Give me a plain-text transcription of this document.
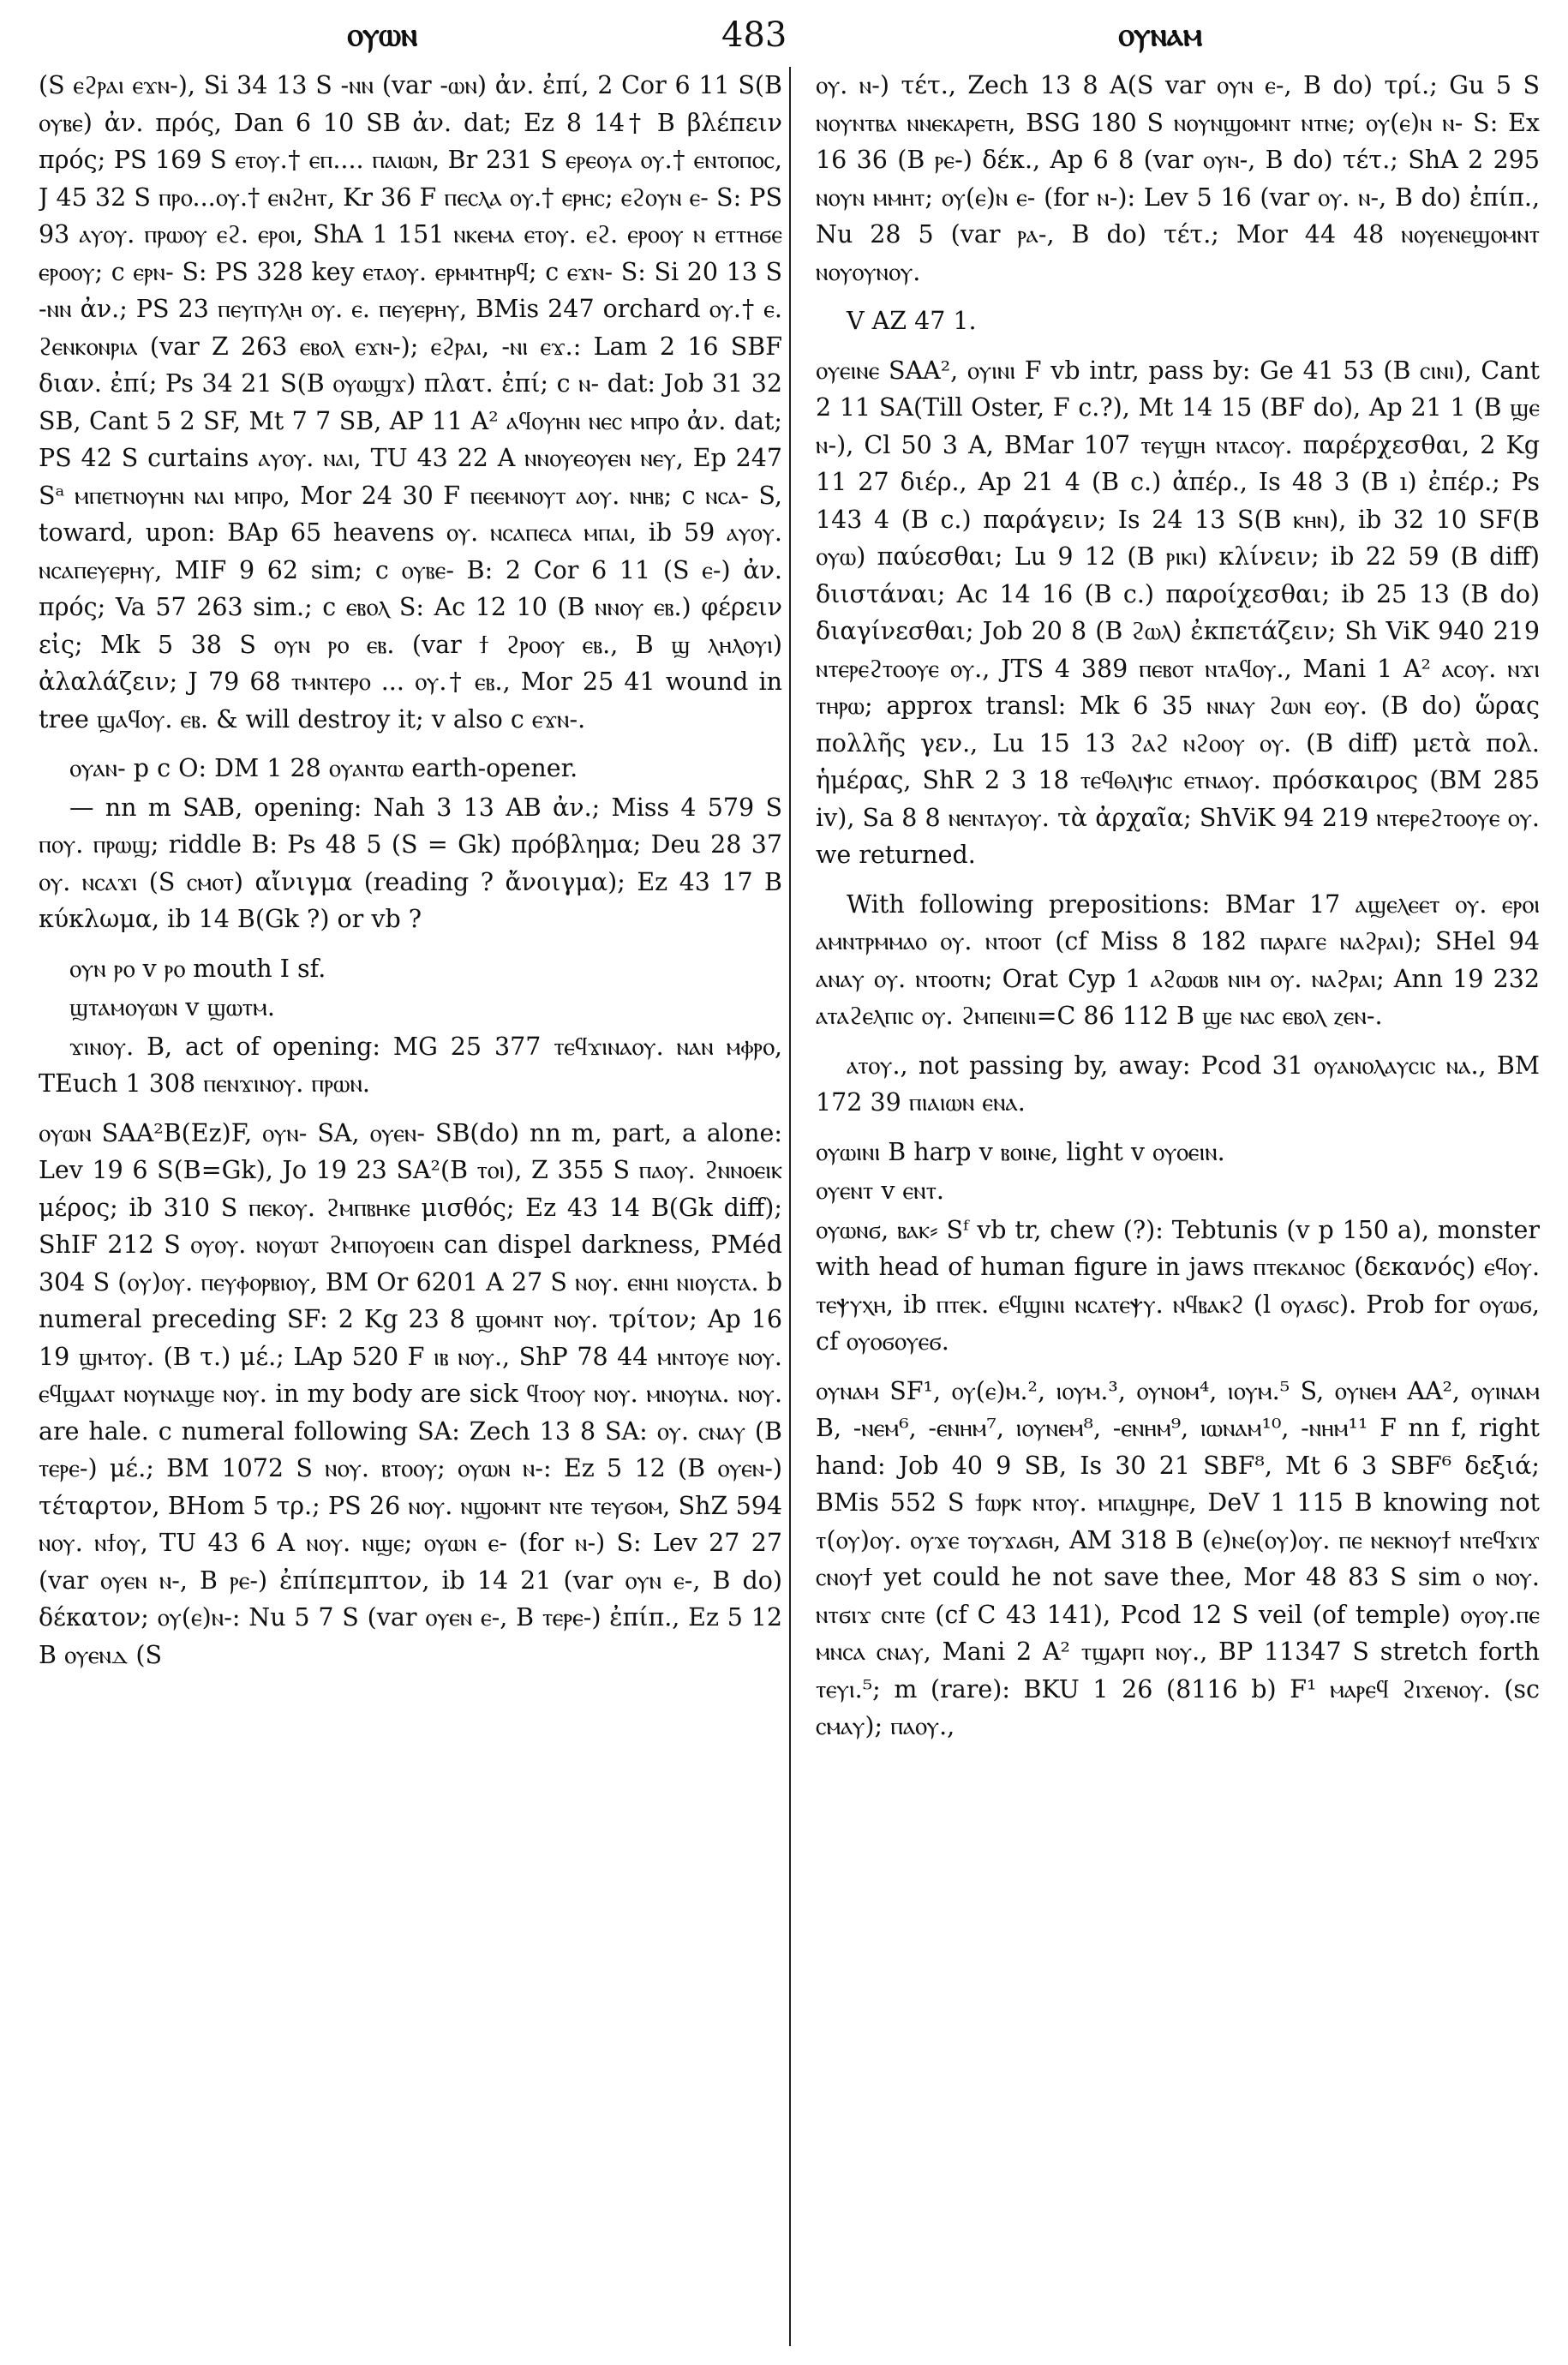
ⲟⲩⲱⲛ	483	ⲟⲩⲛⲁⲙ

(S ⲉϩⲣⲁⲓ ⲉϫⲛ-), Si 34 13 S -ⲛⲛ (var -ⲱⲛ) ἀν. ἐπί, 2 Cor 6 11 S(B ⲟⲩⲃⲉ) ἀν. πρός, Dan 6 10 SB ἀν. dat; Ez 8 14† B βλέπειν πρός; PS 169 S ⲉⲧⲟⲩ.† ⲉⲡ.... ⲡⲁⲓⲱⲛ, Br 231 S ⲉⲣⲉⲟⲩⲁ ⲟⲩ.† ⲉⲛⲧⲟⲡⲟⲥ, J 45 32 S ⲡⲣⲟ...ⲟⲩ.† ⲉⲛϩⲏⲧ, Kr 36 F ⲡⲉⲥⲗⲁ ⲟⲩ.† ⲉⲣⲏⲥ; ⲉϩⲟⲩⲛ ⲉ- S: PS 93 ⲁⲩⲟⲩ. ⲡⲣⲱⲟⲩ ⲉϩ. ⲉⲣⲟⲓ, ShA 1 151 ⲛⲕⲉⲙⲁ ⲉⲧⲟⲩ. ⲉϩ. ⲉⲣⲟⲟⲩ ⲛ ⲉⲧⲧⲏϭⲉ ⲉⲣⲟⲟⲩ; c ⲉⲣⲛ- S: PS 328 key ⲉⲧⲁⲟⲩ. ⲉⲣⲙⲙⲧⲏⲣϥ; c ⲉϫⲛ- S: Si 20 13 S -ⲛⲛ ἀν.; PS 23 ⲡⲉⲩⲡⲩⲗⲏ ⲟⲩ. ⲉ. ⲡⲉⲩⲉⲣⲏⲩ, BMis 247 orchard ⲟⲩ.† ⲉ. ϩⲉⲛⲕⲟⲛⲣⲓⲁ (var Z 263 ⲉⲃⲟⲗ ⲉϫⲛ-); ⲉϩⲣⲁⲓ, -ⲛⲓ ⲉϫ.: Lam 2 16 SBF διαν. ἐπί; Ps 34 21 S(B ⲟⲩⲱϣϫ) πλατ. ἐπί; c ⲛ- dat: Job 31 32 SB, Cant 5 2 SF, Mt 7 7 SB, AP 11 A² ⲁϥⲟⲩⲏⲛ ⲛⲉⲥ ⲙⲡⲣⲟ ἀν. dat; PS 42 S curtains ⲁⲩⲟⲩ. ⲛⲁⲓ, TU 43 22 A ⲛⲛⲟⲩⲉⲟⲩⲉⲛ ⲛⲉⲩ, Ep 247 Sᵃ ⲙⲡⲉⲧⲛⲟⲩⲏⲛ ⲛⲁⲓ ⲙⲡⲣⲟ, Mor 24 30 F ⲡⲉⲉⲙⲛⲟⲩⲧ ⲁⲟⲩ. ⲛⲏⲃ; c ⲛⲥⲁ- S, toward, upon: BAp 65 heavens ⲟⲩ. ⲛⲥⲁⲡⲉⲥⲁ ⲙⲡⲁⲓ, ib 59 ⲁⲩⲟⲩ. ⲛⲥⲁⲡⲉⲩⲉⲣⲏⲩ, MIF 9 62 sim; c ⲟⲩⲃⲉ- B: 2 Cor 6 11 (S ⲉ-) ἀν. πρός; Va 57 263 sim.; c ⲉⲃⲟⲗ S: Ac 12 10 (B ⲛⲛⲟⲩ ⲉⲃ.) φέρειν εἰς; Mk 5 38 S ⲟⲩⲛ ⲣⲟ ⲉⲃ. (var ϯ ϩⲣⲟⲟⲩ ⲉⲃ., B ϣ ⲗⲏⲗⲟⲩⲓ) ἀλαλάζειν; J 79 68 ⲧⲙⲛⲧⲉⲣⲟ ... ⲟⲩ.† ⲉⲃ., Mor 25 41 wound in tree ϣⲁϥⲟⲩ. ⲉⲃ. & will destroy it; v also c ⲉϫⲛ-.

ⲟⲩⲁⲛ- p c O: DM 1 28 ⲟⲩⲁⲛⲧⲱ earth-opener.

— nn m SAB, opening: Nah 3 13 AB ἀν.; Miss 4 579 S ⲡⲟⲩ. ⲡⲣⲱϣ; riddle B: Ps 48 5 (S = Gk) πρόβλημα; Deu 28 37 ⲟⲩ. ⲛⲥⲁϫⲓ (S ⲥⲙⲟⲧ) αἴνιγμα (reading ? ἄνοιγμα); Ez 43 17 B κύκλωμα, ib 14 B(Gk ?) or vb ?

ⲟⲩⲛ ⲣⲟ v ⲣⲟ mouth I sf.

ϣⲧⲁⲙⲟⲩⲱⲛ v ϣⲱⲧⲙ.

ϫⲓⲛⲟⲩ. B, act of opening: MG 25 377 ⲧⲉϥϫⲓⲛⲁⲟⲩ. ⲛⲁⲛ ⲙⲫⲣⲟ, TEuch 1 308 ⲡⲉⲛϫⲓⲛⲟⲩ. ⲡⲣⲱⲛ.

ⲟⲩⲱⲛ SAA²B(Ez)F, ⲟⲩⲛ- SA, ⲟⲩⲉⲛ- SB(do) nn m, part, a alone: Lev 19 6 S(B=Gk), Jo 19 23 SA²(B ⲧⲟⲓ), Z 355 S ⲡⲁⲟⲩ. ϩⲛⲛⲟⲉⲓⲕ μέρος; ib 310 S ⲡⲉⲕⲟⲩ. ϩⲙⲡⲃⲏⲕⲉ μισθός; Ez 43 14 B(Gk diff); ShIF 212 S ⲟⲩⲟⲩ. ⲛⲟⲩⲱⲧ ϩⲙⲡⲟⲩⲟⲉⲓⲛ can dispel darkness, PMéd 304 S (ⲟⲩ)ⲟⲩ. ⲡⲉⲩⲫⲟⲣⲃⲓⲟⲩ, BM Or 6201 A 27 S ⲛⲟⲩ. ⲉⲛⲏⲓ ⲛⲓⲟⲩⲥⲧⲁ. b numeral preceding SF: 2 Kg 23 8 ϣⲟⲙⲛⲧ ⲛⲟⲩ. τρίτον; Ap 16 19 ϣⲙⲧⲟⲩ. (B τ.) μέ.; LAp 520 F ⲓⲃ ⲛⲟⲩ., ShP 78 44 ⲙⲛⲧⲟⲩⲉ ⲛⲟⲩ. ⲉϥϣⲁⲁⲧ ⲛⲟⲩⲛⲁϣⲉ ⲛⲟⲩ. in my body are sick ϥⲧⲟⲟⲩ ⲛⲟⲩ. ⲙⲛⲟⲩⲛⲁ. ⲛⲟⲩ. are hale. c numeral following SA: Zech 13 8 SA: ⲟⲩ. ⲥⲛⲁⲩ (B ⲧⲉⲣⲉ-) μέ.; BM 1072 S ⲛⲟⲩ. ⲃⲧⲟⲟⲩ; ⲟⲩⲱⲛ ⲛ-: Ez 5 12 (B ⲟⲩⲉⲛ-) τέταρτον, BHom 5 τρ.; PS 26 ⲛⲟⲩ. ⲛϣⲟⲙⲛⲧ ⲛⲧⲉ ⲧⲉⲩϭⲟⲙ, ShZ 594 ⲛⲟⲩ. ⲛϯⲟⲩ, TU 43 6 A ⲛⲟⲩ. ⲛϣⲉ; ⲟⲩⲱⲛ ⲉ- (for ⲛ-) S: Lev 27 27 (var ⲟⲩⲉⲛ ⲛ-, B ⲣⲉ-) ἐπίπεμπτον, ib 14 21 (var ⲟⲩⲛ ⲉ-, B do) δέκατον; ⲟⲩ(ⲉ)ⲛ-: Nu 5 7 S (var ⲟⲩⲉⲛ ⲉ-, B ⲧⲉⲣⲉ-) ἐπίπ., Ez 5 12 B ⲟⲩⲉⲛⲇ (S

ⲟⲩ. ⲛ-) τέτ., Zech 13 8 A(S var ⲟⲩⲛ ⲉ-, B do) τρί.; Gu 5 S ⲛⲟⲩⲛⲧⲃⲁ ⲛⲛⲉⲕⲁⲣⲉⲧⲏ, BSG 180 S ⲛⲟⲩⲛϣⲟⲙⲛⲧ ⲛⲧⲛⲉ; ⲟⲩ(ⲉ)ⲛ ⲛ- S: Ex 16 36 (B ⲣⲉ-) δέκ., Ap 6 8 (var ⲟⲩⲛ-, B do) τέτ.; ShA 2 295 ⲛⲟⲩⲛ ⲙⲙⲏⲧ; ⲟⲩ(ⲉ)ⲛ ⲉ- (for ⲛ-): Lev 5 16 (var ⲟⲩ. ⲛ-, B do) ἐπίπ., Nu 28 5 (var ⲣⲁ-, B do) τέτ.; Mor 44 48 ⲛⲟⲩⲉⲛⲉϣⲟⲙⲛⲧ ⲛⲟⲩⲟⲩⲛⲟⲩ.

V AZ 47 1.

ⲟⲩⲉⲓⲛⲉ SAA², ⲟⲩⲓⲛⲓ F vb intr, pass by: Ge 41 53 (B ⲥⲓⲛⲓ), Cant 2 11 SA(Till Oster, F c.?), Mt 14 15 (BF do), Ap 21 1 (B ϣⲉ ⲛ-), Cl 50 3 A, BMar 107 ⲧⲉⲩϣⲏ ⲛⲧⲁⲥⲟⲩ. παρέρχεσθαι, 2 Kg 11 27 διέρ., Ap 21 4 (B c.) ἀπέρ., Is 48 3 (B ı) ἐπέρ.; Ps 143 4 (B c.) παράγειν; Is 24 13 S(B ⲕⲏⲛ), ib 32 10 SF(B ⲟⲩⲱ) παύεσθαι; Lu 9 12 (B ⲣⲓⲕⲓ) κλίνειν; ib 22 59 (B diff) διιστάναι; Ac 14 16 (B c.) παροίχεσθαι; ib 25 13 (B do) διαγίνεσθαι; Job 20 8 (B ϩⲱⲗ) ἐκπετάζειν; Sh ViK 940 219 ⲛⲧⲉⲣⲉϩⲧⲟⲟⲩⲉ ⲟⲩ., JTS 4 389 ⲡⲉⲃⲟⲧ ⲛⲧⲁϥⲟⲩ., Mani 1 A² ⲁⲥⲟⲩ. ⲛϫⲓ ⲧⲏⲣⲱ; approx transl: Mk 6 35 ⲛⲛⲁⲩ ϩⲱⲛ ⲉⲟⲩ. (B do) ὥρας πολλῆς γεν., Lu 15 13 ϩⲁϩ ⲛϩⲟⲟⲩ ⲟⲩ. (B diff) μετὰ πολ. ἡμέρας, ShR 2 3 18 ⲧⲉϥⲑⲗⲓⲯⲓⲥ ⲉⲧⲛⲁⲟⲩ. πρόσκαιρος (BM 285 iv), Sa 8 8 ⲛⲉⲛⲧⲁⲩⲟⲩ. τὰ ἀρχαῖα; ShViK 94 219 ⲛⲧⲉⲣⲉϩⲧⲟⲟⲩⲉ ⲟⲩ. we returned.

With following prepositions: BMar 17 ⲁϣⲉⲗⲉⲉⲧ ⲟⲩ. ⲉⲣⲟⲓ ⲁⲙⲛⲧⲣⲙⲙⲁⲟ ⲟⲩ. ⲛⲧⲟⲟⲧ (cf Miss 8 182 ⲡⲁⲣⲁⲅⲉ ⲛⲁϩⲣⲁⲓ); SHel 94 ⲁⲛⲁⲩ ⲟⲩ. ⲛⲧⲟⲟⲧⲛ; Orat Cyp 1 ⲁϩⲱⲱⲃ ⲛⲓⲙ ⲟⲩ. ⲛⲁϩⲣⲁⲓ; Ann 19 232 ⲁⲧⲁϩⲉⲗⲡⲓⲥ ⲟⲩ. ϩⲙⲡⲉⲓⲛⲓ=C 86 112 B ϣⲉ ⲛⲁⲥ ⲉⲃⲟⲗ ⲍⲉⲛ-.

ⲁⲧⲟⲩ., not passing by, away: Pcod 31 ⲟⲩⲁⲛⲟⲗⲁⲩⲥⲓⲥ ⲛⲁ., BM 172 39 ⲡⲓⲁⲓⲱⲛ ⲉⲛⲁ.

ⲟⲩⲱⲓⲛⲓ B harp v ⲃⲟⲓⲛⲉ, light v ⲟⲩⲟⲉⲓⲛ.

ⲟⲩⲉⲛⲧ v ⲉⲛⲧ.

ⲟⲩⲱⲛϭ, ⲃⲁⲕ⸗ Sᶠ vb tr, chew (?): Tebtunis (v p 150 a), monster with head of human figure in jaws ⲡⲧⲉⲕⲁⲛⲟⲥ (δεκανός) ⲉϥⲟⲩ. ⲧⲉⲯⲩⲭⲏ, ib ⲡⲧⲉⲕ. ⲉϥϣⲓⲛⲓ ⲛⲥⲁⲧⲉⲯⲩ. ⲛϥⲃⲁⲕϩ (l ⲟⲩⲁϭⲥ). Prob for ⲟⲩⲱϭ, cf ⲟⲩⲟϭⲟⲩⲉϭ.

ⲟⲩⲛⲁⲙ SF¹, ⲟⲩ(ⲉ)ⲙ.², ⲓⲟⲩⲙ.³, ⲟⲩⲛⲟⲙ⁴, ⲓⲟⲩⲙ.⁵ S, ⲟⲩⲛⲉⲙ AA², ⲟⲩⲓⲛⲁⲙ B, -ⲛⲉⲙ⁶, -ⲉⲛⲏⲙ⁷, ⲓⲟⲩⲛⲉⲙ⁸, -ⲉⲛⲏⲙ⁹, ⲓⲱⲛⲁⲙ¹⁰, -ⲛⲏⲙ¹¹ F nn f, right hand: Job 40 9 SB, Is 30 21 SBF⁸, Mt 6 3 SBF⁶ δεξιά; BMis 552 S ϯⲱⲣⲕ ⲛⲧⲟⲩ. ⲙⲡⲁϣⲏⲣⲉ, DeV 1 115 B knowing not ⲧ(ⲟⲩ)ⲟⲩ. ⲟⲩϫⲉ ⲧⲟⲩϫⲁϭⲏ, AM 318 B (ⲉ)ⲛⲉ(ⲟⲩ)ⲟⲩ. ⲡⲉ ⲛⲉⲕⲛⲟⲩϯ ⲛⲧⲉϥϫⲓϫ ⲥⲛⲟⲩϯ yet could he not save thee, Mor 48 83 S sim ⲟ ⲛⲟⲩ. ⲛⲧϭⲓϫ ⲥⲛⲧⲉ (cf C 43 141), Pcod 12 S veil (of temple) ⲟⲩⲟⲩ.ⲡⲉ ⲙⲛⲥⲁ ⲥⲛⲁⲩ, Mani 2 A² ⲧϣⲁⲣⲡ ⲛⲟⲩ., BP 11347 S stretch forth ⲧⲉⲩⲓ.⁵; m (rare): BKU 1 26 (8116 b) F¹ ⲙⲁⲣⲉϥ ϩⲓϫⲉⲛⲟⲩ. (sc ⲥⲙⲁⲩ); ⲡⲁⲟⲩ.,
